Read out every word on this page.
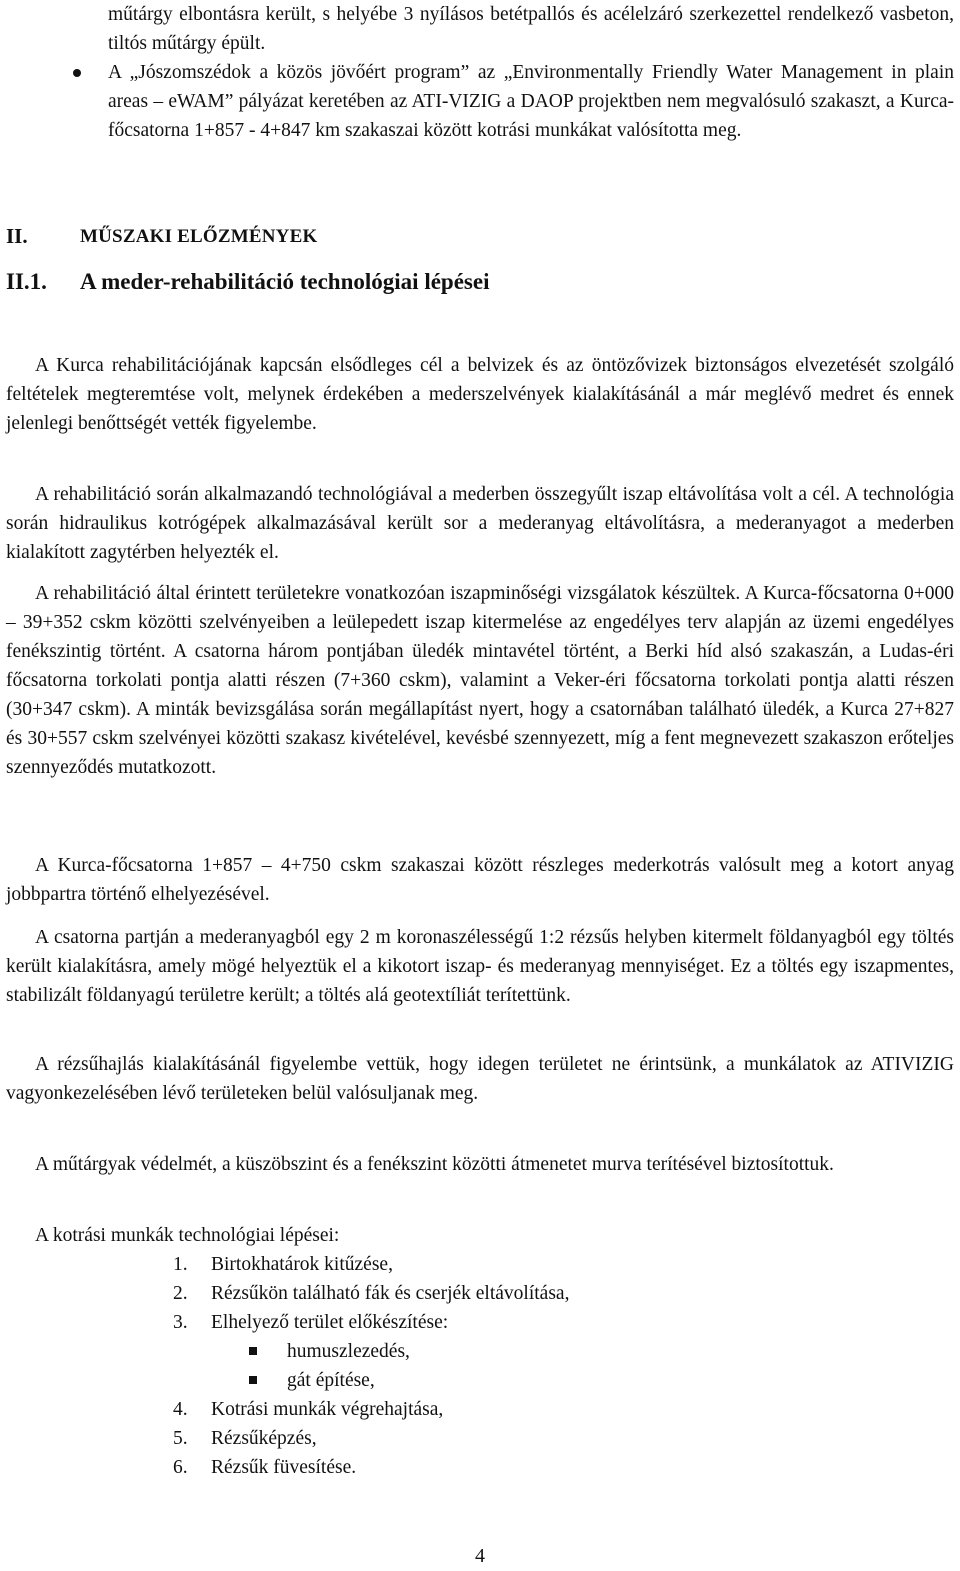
műtárgy elbontásra került, s helyébe 3 nyílásos betétpallós és acélelzáró szerkezettel rendelkező vasbeton, tiltós műtárgy épült.

A „Jószomszédok a közös jövőért program” az „Environmentally Friendly Water Management in plain areas – eWAM” pályázat keretében az ATI-VIZIG a DAOP projektben nem megvalósuló szakaszt, a Kurca-főcsatorna 1+857 - 4+847 km szakaszai között kotrási munkákat valósította meg.

II.	MŰSZAKI ELŐZMÉNYEK
II.1. A meder-rehabilitáció technológiai lépései

A Kurca rehabilitációjának kapcsán elsődleges cél a belvizek és az öntözővizek biztonságos elvezetését szolgáló feltételek megteremtése volt, melynek érdekében a mederszelvények kialakításánál a már meglévő medret és ennek jelenlegi benőttségét vették figyelembe.

A rehabilitáció során alkalmazandó technológiával a mederben összegyűlt iszap eltávolítása volt a cél. A technológia során hidraulikus kotrógépek alkalmazásával került sor a mederanyag eltávolításra, a mederanyagot a mederben kialakított zagytérben helyezték el.

A rehabilitáció által érintett területekre vonatkozóan iszapminőségi vizsgálatok készültek. A Kurca-főcsatorna 0+000 – 39+352 cskm közötti szelvényeiben a leülepedett iszap kitermelése az engedélyes terv alapján az üzemi engedélyes fenékszintig történt. A csatorna három pontjában üledék mintavétel történt, a Berki híd alsó szakaszán, a Ludas-éri főcsatorna torkolati pontja alatti részen (7+360 cskm), valamint a Veker-éri főcsatorna torkolati pontja alatti részen (30+347 cskm). A minták bevizsgálása során megállapítást nyert, hogy a csatornában található üledék, a Kurca 27+827 és 30+557 cskm szelvényei közötti szakasz kivételével, kevésbé szennyezett, míg a fent megnevezett szakaszon erőteljes szennyeződés mutatkozott.

A Kurca-főcsatorna 1+857 – 4+750 cskm szakaszai között részleges mederkotrás valósult meg a kotort anyag jobbpartra történő elhelyezésével.

A csatorna partján a mederanyagból egy 2 m koronaszélességű 1:2 rézsűs helyben kitermelt földanyagból egy töltés került kialakításra, amely mögé helyeztük el a kikotort iszap- és mederanyag mennyiséget. Ez a töltés egy iszapmentes, stabilizált földanyagú területre került; a töltés alá geotextíliát terítettünk.

A rézsűhajlás kialakításánál figyelembe vettük, hogy idegen területet ne érintsünk, a munkálatok az ATIVIZIG vagyonkezelésében lévő területeken belül valósuljanak meg.

A műtárgyak védelmét, a küszöbszint és a fenékszint közötti átmenetet murva terítésével biztosítottuk.

A kotrási munkák technológiai lépései:

1. Birtokhatárok kitűzése,
2. Rézsűkön található fák és cserjék eltávolítása,
3. Elhelyező terület előkészítése:
humuszlezedés,
gát építése,
4. Kotrási munkák végrehajtása,
5. Rézsűképzés,
6. Rézsűk füvesítése.
4
